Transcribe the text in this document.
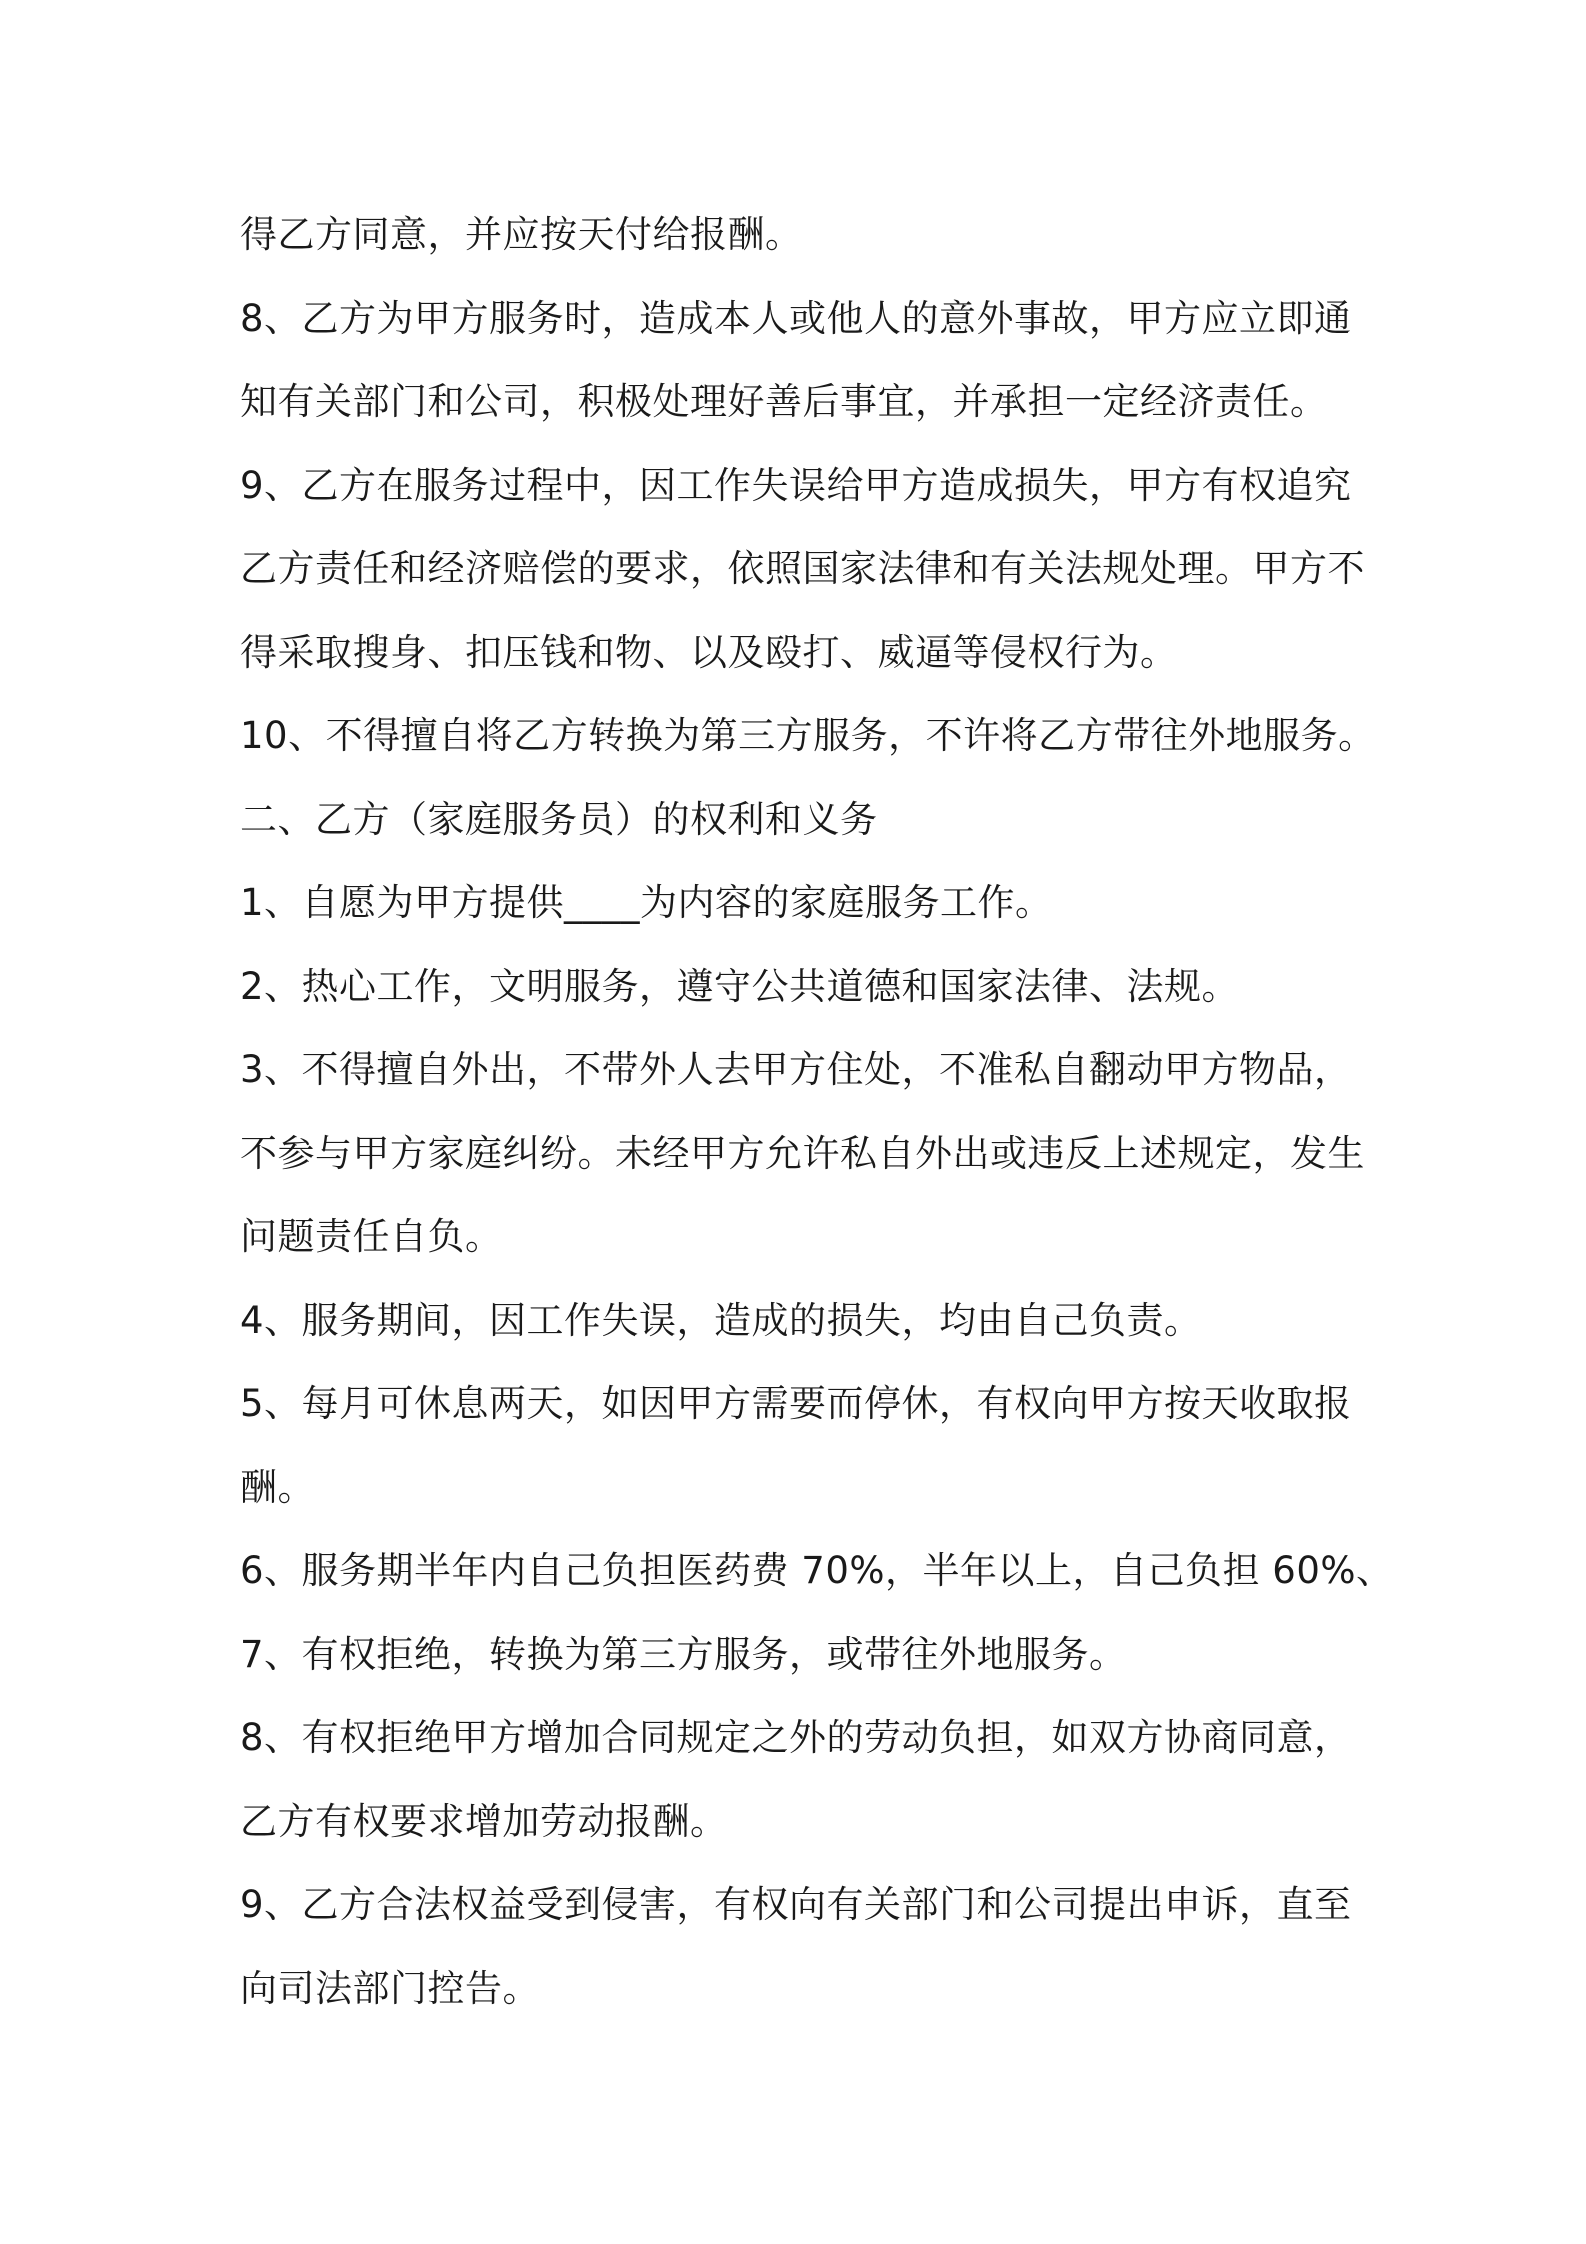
得乙方同意，并应按天付给报酬。
8、乙方为甲方服务时，造成本人或他人的意外事故，甲方应立即通
知有关部门和公司，积极处理好善后事宜，并承担一定经济责任。
9、乙方在服务过程中，因工作失误给甲方造成损失，甲方有权追究
乙方责任和经济赔偿的要求，依照国家法律和有关法规处理。甲方不
得采取搜身、扣压钱和物、以及殴打、威逼等侵权行为。
10、不得擅自将乙方转换为第三方服务，不许将乙方带往外地服务。
二、乙方（家庭服务员）的权利和义务
1、自愿为甲方提供____为内容的家庭服务工作。
2、热心工作，文明服务，遵守公共道德和国家法律、法规。
3、不得擅自外出，不带外人去甲方住处，不准私自翻动甲方物品，
不参与甲方家庭纠纷。未经甲方允许私自外出或违反上述规定，发生
问题责任自负。
4、服务期间，因工作失误，造成的损失，均由自己负责。
5、每月可休息两天，如因甲方需要而停休，有权向甲方按天收取报
酬。
6、服务期半年内自己负担医药费 70%，半年以上，自己负担 60%、
7、有权拒绝，转换为第三方服务，或带往外地服务。
8、有权拒绝甲方增加合同规定之外的劳动负担，如双方协商同意，
乙方有权要求增加劳动报酬。
9、乙方合法权益受到侵害，有权向有关部门和公司提出申诉，直至
向司法部门控告。
